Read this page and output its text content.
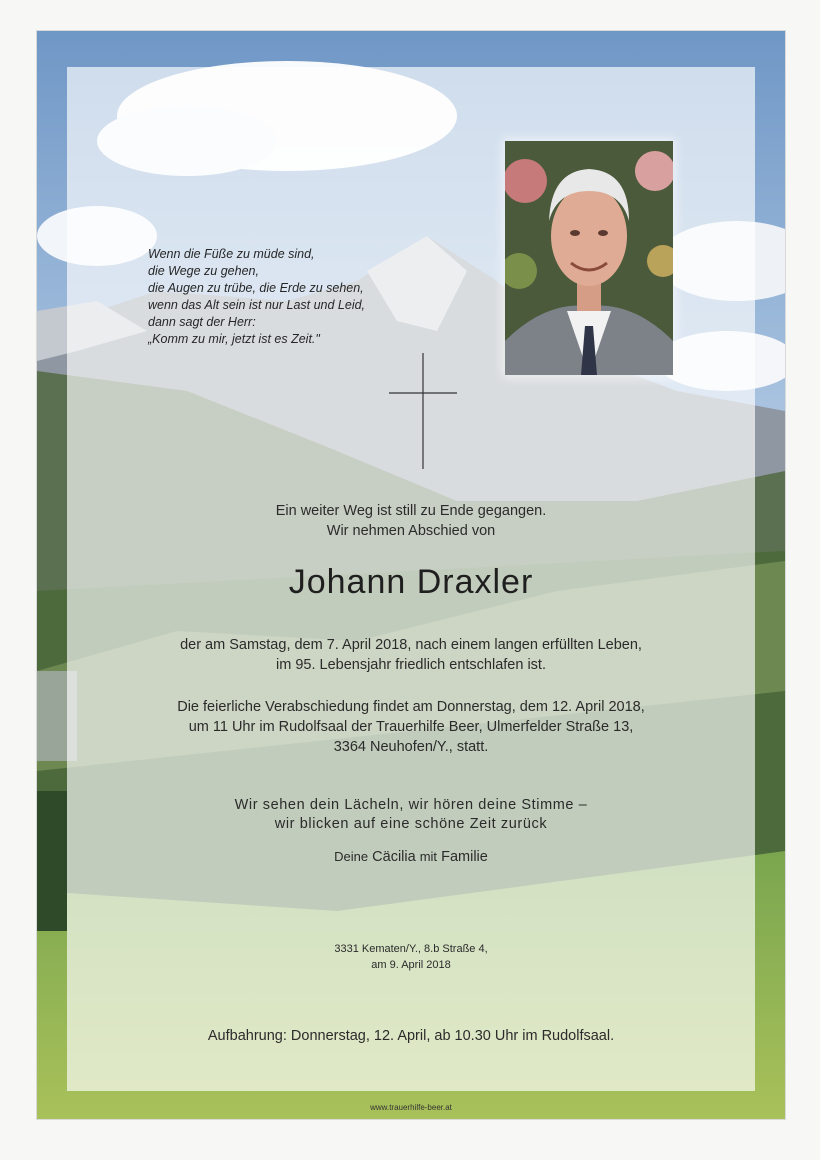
Wenn die Füße zu müde sind,
die Wege zu gehen,
die Augen zu trübe, die Erde zu sehen,
wenn das Alt sein ist nur Last und Leid,
dann sagt der Herr:
„Komm zu mir, jetzt ist es Zeit."
Ein weiter Weg ist still zu Ende gegangen.
Wir nehmen Abschied von
Johann Draxler
der am Samstag, dem 7. April 2018, nach einem langen erfüllten Leben,
im 95. Lebensjahr friedlich entschlafen ist.
Die feierliche Verabschiedung findet am Donnerstag, dem 12. April 2018,
um 11 Uhr im Rudolfsaal der Trauerhilfe Beer, Ulmerfelder Straße 13,
3364 Neuhofen/Y., statt.
Wir sehen dein Lächeln, wir hören deine Stimme –
wir blicken auf eine schöne Zeit zurück
Deine Cäcilia mit Familie
3331 Kematen/Y., 8.b Straße 4,
am 9. April 2018
Aufbahrung: Donnerstag, 12. April, ab 10.30 Uhr im Rudolfsaal.
www.trauerhilfe-beer.at
